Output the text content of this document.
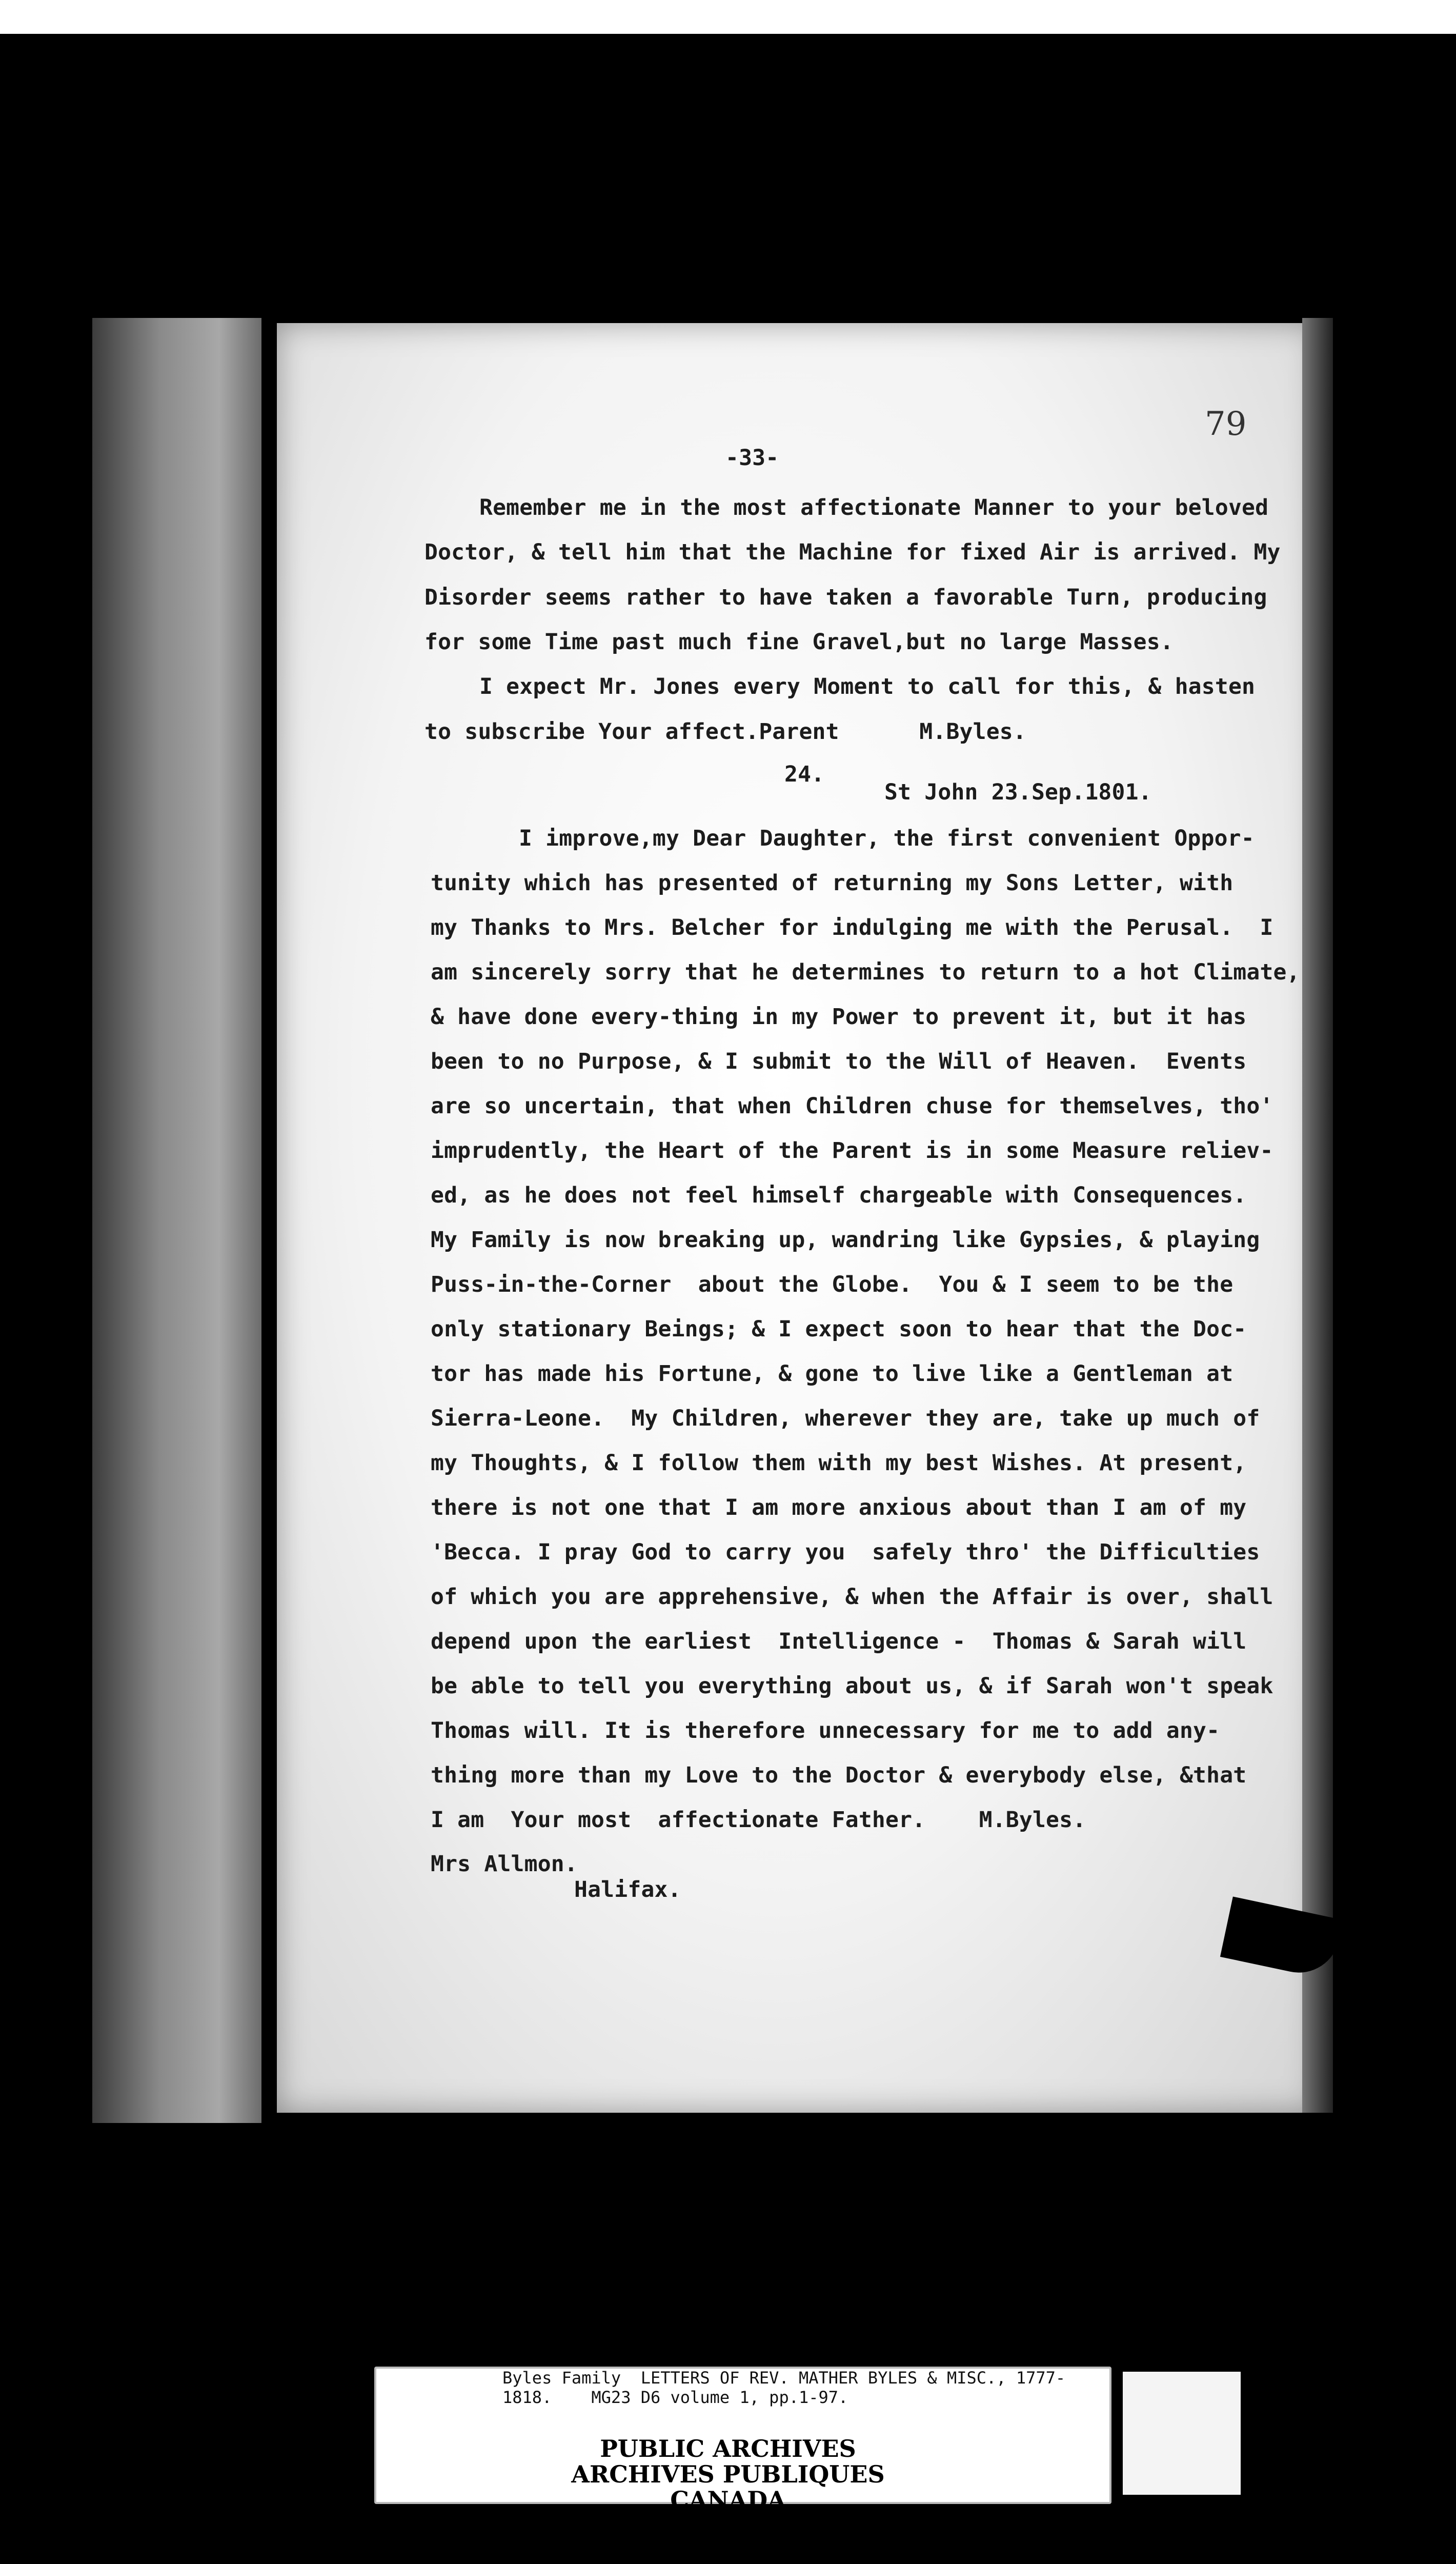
79
-33-
Remember me in the most affectionate Manner to your beloved
Doctor, & tell him that the Machine for fixed Air is arrived. My
Disorder seems rather to have taken a favorable Turn, producing
for some Time past much fine Gravel,but no large Masses.
I expect Mr. Jones every Moment to call for this, & hasten
to subscribe Your affect.Parent      M.Byles.
24.
St John 23.Sep.1801.
I improve,my Dear Daughter, the first convenient Oppor-
tunity which has presented of returning my Sons Letter, with
my Thanks to Mrs. Belcher for indulging me with the Perusal.  I
am sincerely sorry that he determines to return to a hot Climate,
& have done every-thing in my Power to prevent it, but it has
been to no Purpose, & I submit to the Will of Heaven.  Events
are so uncertain, that when Children chuse for themselves, tho'
imprudently, the Heart of the Parent is in some Measure reliev-
ed, as he does not feel himself chargeable with Consequences.
My Family is now breaking up, wandring like Gypsies, & playing
Puss-in-the-Corner  about the Globe.  You & I seem to be the
only stationary Beings; & I expect soon to hear that the Doc-
tor has made his Fortune, & gone to live like a Gentleman at
Sierra-Leone.  My Children, wherever they are, take up much of
my Thoughts, & I follow them with my best Wishes. At present,
there is not one that I am more anxious about than I am of my
'Becca. I pray God to carry you  safely thro' the Difficulties
of which you are apprehensive, & when the Affair is over, shall
depend upon the earliest  Intelligence -  Thomas & Sarah will
be able to tell you everything about us, & if Sarah won't speak
Thomas will. It is therefore unnecessary for me to add any-
thing more than my Love to the Doctor & everybody else, &that
I am  Your most  affectionate Father.    M.Byles.
Mrs Allmon.
Halifax.
Byles Family  LETTERS OF REV. MATHER BYLES & MISC., 1777-
1818.    MG23 D6 volume 1, pp.1-97.
PUBLIC ARCHIVES
ARCHIVES PUBLIQUES
CANADA
